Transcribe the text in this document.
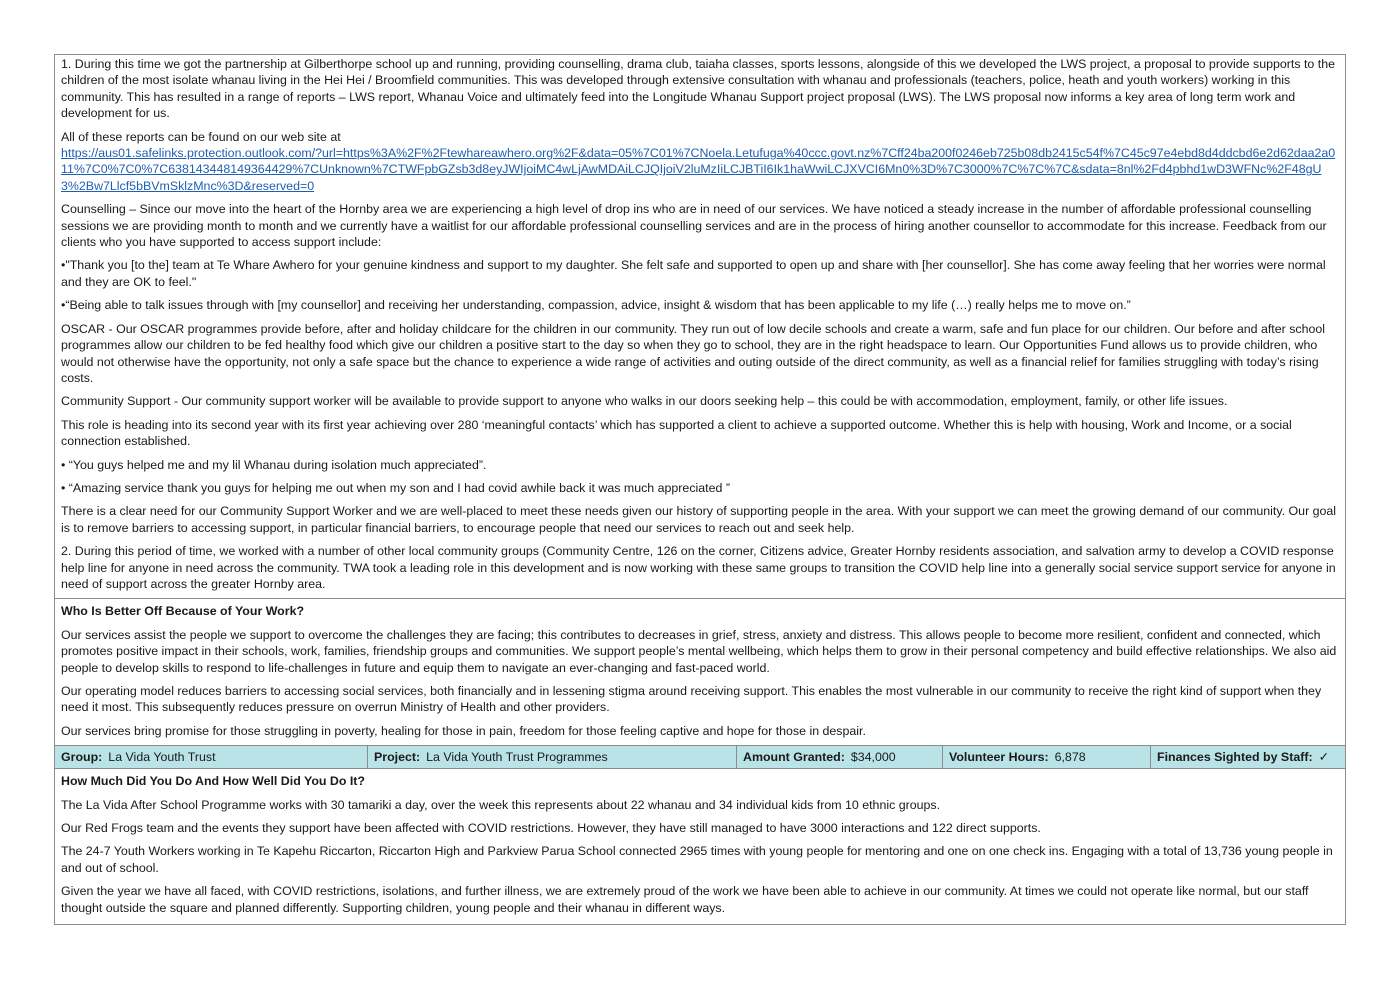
1. During this time we got the partnership at Gilberthorpe school up and running, providing counselling, drama club, taiaha classes, sports lessons, alongside of this we developed the LWS project, a proposal to provide supports to the children of the most isolate whanau living in the Hei Hei / Broomfield communities. This was developed through extensive consultation with whanau and professionals (teachers, police, heath and youth workers) working in this community. This has resulted in a range of reports – LWS report, Whanau Voice and ultimately feed into the Longitude Whanau Support project proposal (LWS). The LWS proposal now informs a key area of long term work and development for us.

All of these reports can be found on our web site at
https://aus01.safelinks.protection.outlook.com/?url=https%3A%2F%2Ftewhareawhero.org%2F&data=05%7C01%7CNoela.Letufuga%40ccc.govt.nz%7Cff24ba200f0246eb725b08db2415c54f%7C45c97e4ebd8d4ddcbd6e2d62daa2a011%7C0%7C0%7C638143448149364429%7CUnknown%7CTWFpbGZsb3d8eyJWIjoiMC4wLjAwMDAiLCJQIjoiV2luMzIiLCJBTiI6Ik1haWwiLCJXVCI6Mn0%3D%7C3000%7C%7C%7C&sdata=8nl%2Fd4pbhd1wD3WFNc%2F48gU3%2Bw7Llcf5bBVmSklzMnc%3D&reserved=0

Counselling – Since our move into the heart of the Hornby area we are experiencing a high level of drop ins who are in need of our services. We have noticed a steady increase in the number of affordable professional counselling sessions we are providing month to month and we currently have a waitlist for our affordable professional counselling services and are in the process of hiring another counsellor to accommodate for this increase. Feedback from our clients who you have supported to access support include:

•"Thank you [to the] team at Te Whare Awhero for your genuine kindness and support to my daughter. She felt safe and supported to open up and share with [her counsellor]. She has come away feeling that her worries were normal and they are OK to feel."

•“Being able to talk issues through with [my counsellor] and receiving her understanding, compassion, advice, insight & wisdom that has been applicable to my life (…) really helps me to move on.”

OSCAR - Our OSCAR programmes provide before, after and holiday childcare for the children in our community. They run out of low decile schools and create a warm, safe and fun place for our children. Our before and after school programmes allow our children to be fed healthy food which give our children a positive start to the day so when they go to school, they are in the right headspace to learn. Our Opportunities Fund allows us to provide children, who would not otherwise have the opportunity, not only a safe space but the chance to experience a wide range of activities and outing outside of the direct community, as well as a financial relief for families struggling with today’s rising costs.

Community Support - Our community support worker will be available to provide support to anyone who walks in our doors seeking help – this could be with accommodation, employment, family, or other life issues.

This role is heading into its second year with its first year achieving over 280 ‘meaningful contacts’ which has supported a client to achieve a supported outcome. Whether this is help with housing, Work and Income, or a social connection established.

• “You guys helped me and my lil Whanau during isolation much appreciated”.

• “Amazing service thank you guys for helping me out when my son and I had covid awhile back it was much appreciated ”

There is a clear need for our Community Support Worker and we are well-placed to meet these needs given our history of supporting people in the area. With your support we can meet the growing demand of our community. Our goal is to remove barriers to accessing support, in particular financial barriers, to encourage people that need our services to reach out and seek help.

2. During this period of time, we worked with a number of other local community groups (Community Centre, 126 on the corner, Citizens advice, Greater Hornby residents association, and salvation army to develop a COVID response help line for anyone in need across the community. TWA took a leading role in this development and is now working with these same groups to transition the COVID help line into a generally social service support service for anyone in need of support across the greater Hornby area.

Who Is Better Off Because of Your Work?

Our services assist the people we support to overcome the challenges they are facing; this contributes to decreases in grief, stress, anxiety and distress. This allows people to become more resilient, confident and connected, which promotes positive impact in their schools, work, families, friendship groups and communities. We support people’s mental wellbeing, which helps them to grow in their personal competency and build effective relationships. We also aid people to develop skills to respond to life-challenges in future and equip them to navigate an ever-changing and fast-paced world.

Our operating model reduces barriers to accessing social services, both financially and in lessening stigma around receiving support. This enables the most vulnerable in our community to receive the right kind of support when they need it most. This subsequently reduces pressure on overrun Ministry of Health and other providers.

Our services bring promise for those struggling in poverty, healing for those in pain, freedom for those feeling captive and hope for those in despair.

Group: La Vida Youth Trust	Project: La Vida Youth Trust Programmes	Amount Granted: $34,000	Volunteer Hours: 6,878	Finances Sighted by Staff: ✓

How Much Did You Do And How Well Did You Do It?

The La Vida After School Programme works with 30 tamariki a day, over the week this represents about 22 whanau and 34 individual kids from 10 ethnic groups.

Our Red Frogs team and the events they support have been affected with COVID restrictions. However, they have still managed to have 3000 interactions and 122 direct supports.

The 24-7 Youth Workers working in Te Kapehu Riccarton, Riccarton High and Parkview Parua School connected 2965 times with young people for mentoring and one on one check ins. Engaging with a total of 13,736 young people in and out of school.

Given the year we have all faced, with COVID restrictions, isolations, and further illness, we are extremely proud of the work we have been able to achieve in our community. At times we could not operate like normal, but our staff thought outside the square and planned differently. Supporting children, young people and their whanau in different ways.
